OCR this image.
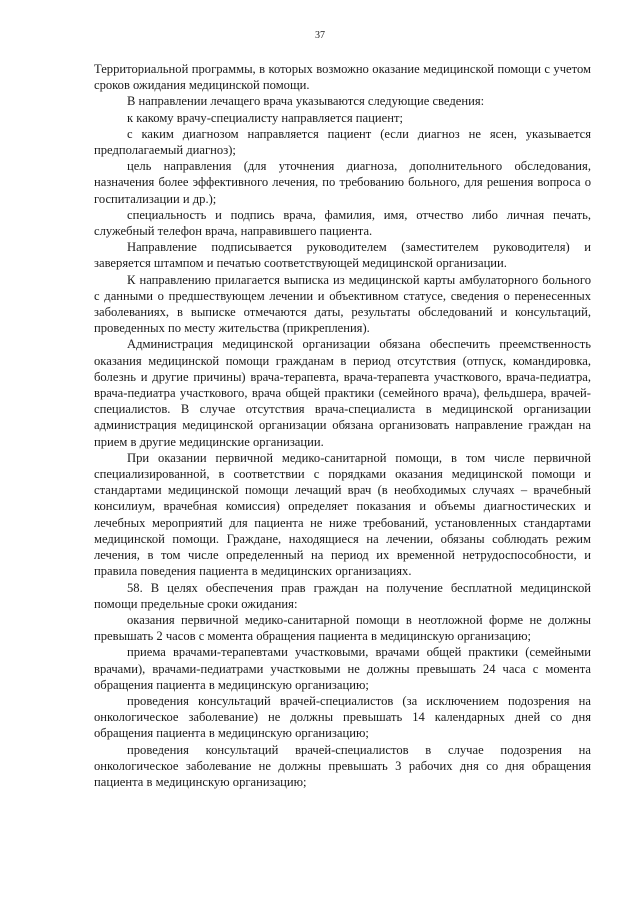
37

Территориальной программы, в которых возможно оказание медицинской помощи с учетом сроков ожидания медицинской помощи.

В направлении лечащего врача указываются следующие сведения:

к какому врачу-специалисту направляется пациент;

с каким диагнозом направляется пациент (если диагноз не ясен, указывается предполагаемый диагноз);

цель направления (для уточнения диагноза, дополнительного обследования, назначения более эффективного лечения, по требованию больного, для решения вопроса о госпитализации и др.);

специальность и подпись врача, фамилия, имя, отчество либо личная печать, служебный телефон врача, направившего пациента.

Направление подписывается руководителем (заместителем руководителя) и заверяется штампом и печатью соответствующей медицинской организации.

К направлению прилагается выписка из медицинской карты амбулаторного больного с данными о предшествующем лечении и объективном статусе, сведения о перенесенных заболеваниях, в выписке отмечаются даты, результаты обследований и консультаций, проведенных по месту жительства (прикрепления).

Администрация медицинской организации обязана обеспечить преемственность оказания медицинской помощи гражданам в период отсутствия (отпуск, командировка, болезнь и другие причины) врача-терапевта, врача-терапевта участкового, врача-педиатра, врача-педиатра участкового, врача общей практики (семейного врача), фельдшера, врачей-специалистов. В случае отсутствия врача-специалиста в медицинской организации администрация медицинской организации обязана организовать направление граждан на прием в другие медицинские организации.

При оказании первичной медико-санитарной помощи, в том числе первичной специализированной, в соответствии с порядками оказания медицинской помощи и стандартами медицинской помощи лечащий врач (в необходимых случаях – врачебный консилиум, врачебная комиссия) определяет показания и объемы диагностических и лечебных мероприятий для пациента не ниже требований, установленных стандартами медицинской помощи. Граждане, находящиеся на лечении, обязаны соблюдать режим лечения, в том числе определенный на период их временной нетрудоспособности, и правила поведения пациента в медицинских организациях.

58. В целях обеспечения прав граждан на получение бесплатной медицинской помощи предельные сроки ожидания:

оказания первичной медико-санитарной помощи в неотложной форме не должны превышать 2 часов с момента обращения пациента в медицинскую организацию;

приема врачами-терапевтами участковыми, врачами общей практики (семейными врачами), врачами-педиатрами участковыми не должны превышать 24 часа с момента обращения пациента в медицинскую организацию;

проведения консультаций врачей-специалистов (за исключением подозрения на онкологическое заболевание) не должны превышать 14 календарных дней со дня обращения пациента в медицинскую организацию;

проведения консультаций врачей-специалистов в случае подозрения на онкологическое заболевание не должны превышать 3 рабочих дня со дня обращения пациента в медицинскую организацию;
